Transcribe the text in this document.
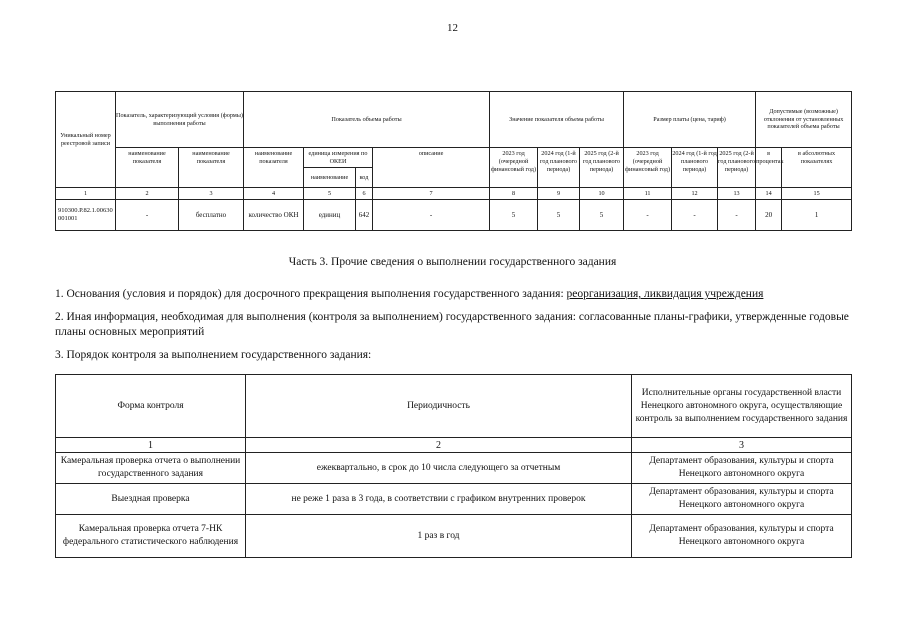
12
Уникальный номер реестровой записи	Показатель, характеризующий условия (формы) выполнения работы		Показатель объема работы				Значение показателя объема работы			Размер платы (цена, тариф)			Допустимые (возможные) отклонения от установленных показателей объема работы	
	наименование показателя	наименование показателя	наименование показателя	единица измерения по ОКЕИ		описание	2023 год (очередной финансовый год)	2024 год (1-й год планового периода)	2025 год (2-й год планового периода)	2023 год (очередной финансовый год)	2024 год (1-й год планового периода)	2025 год (2-й год планового периода)	в процентах	в абсолютных показателях
				наименование	код									
1	2	3	4	5	6	7	8	9	10	11	12	13	14	15
910300.Р.82.1.00630001001	-	бесплатно	количество ОКН	единиц	642	-	5	5	5	-	-	-	20	1
Часть 3. Прочие сведения о выполнении государственного задания
1. Основания (условия и порядок) для досрочного прекращения выполнения государственного задания: реорганизация, ликвидация учреждения
2. Иная информация, необходимая для выполнения (контроля за выполнением) государственного задания: согласованные планы-графики, утвержденные годовые планы основных мероприятий
3. Порядок контроля за выполнением государственного задания:
Форма контроля	Периодичность	Исполнительные органы государственной власти Ненецкого автономного округа, осуществляющие контроль за выполнением государственного задания
1	2	3
Камеральная проверка отчета о выполнении государственного задания	ежеквартально, в срок до 10 числа следующего за отчетным	Департамент образования, культуры и спорта Ненецкого автономного округа
Выездная проверка	не реже 1 раза в 3 года, в соответствии с графиком внутренних проверок	Департамент образования, культуры и спорта Ненецкого автономного округа
Камеральная проверка отчета 7-НК федерального статистического наблюдения	1 раз в год	Департамент образования, культуры и спорта Ненецкого автономного округа
